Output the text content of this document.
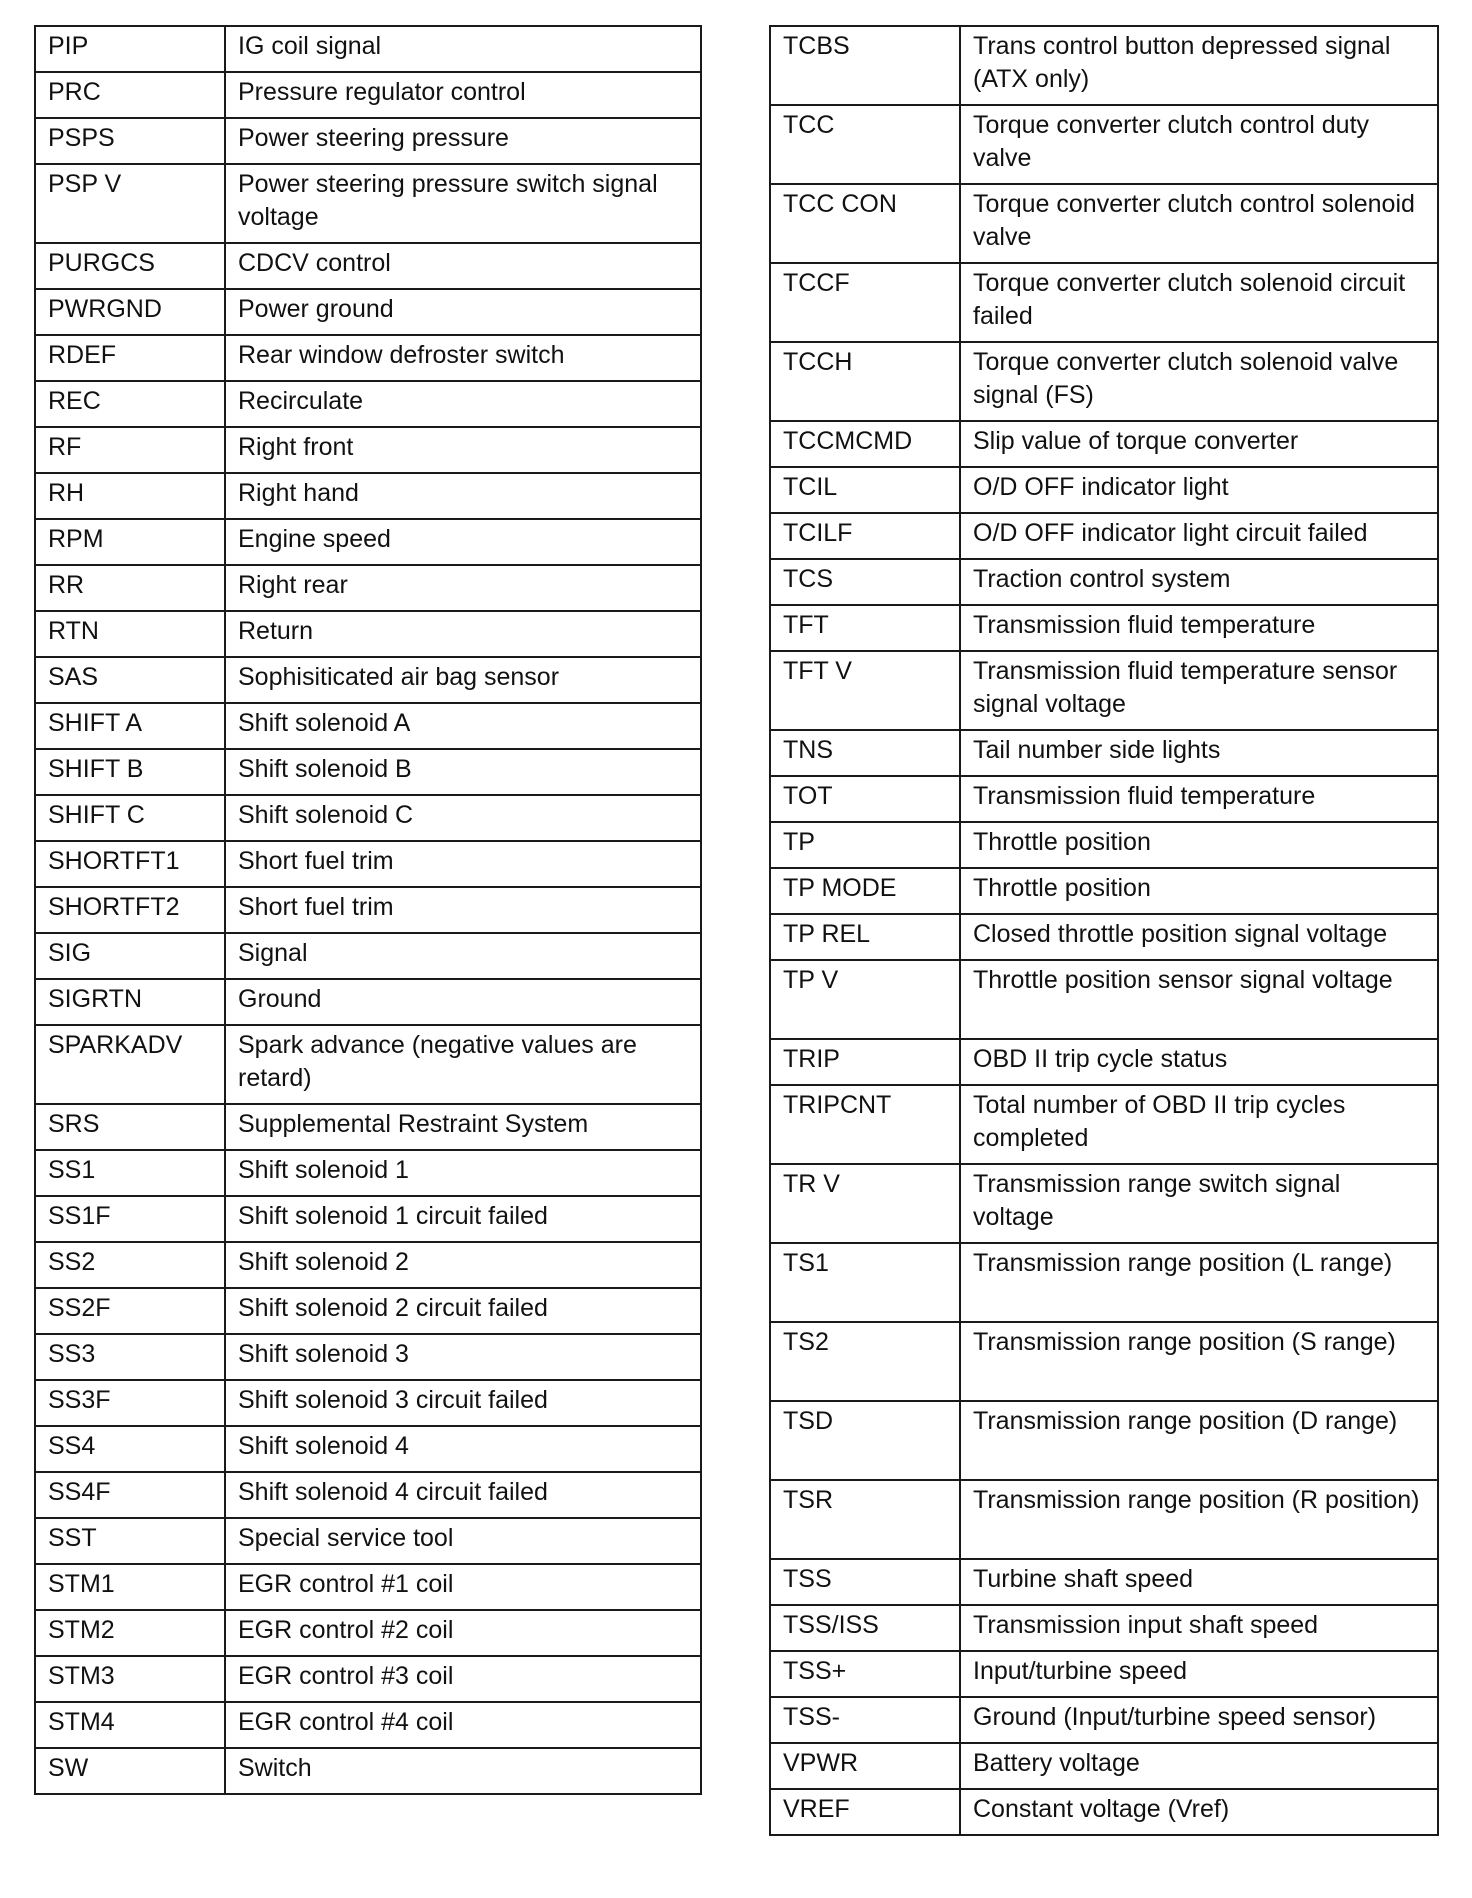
PIP	IG coil signal
PRC	Pressure regulator control
PSPS	Power steering pressure
PSP V	Power steering pressure switch signal voltage
PURGCS	CDCV control
PWRGND	Power ground
RDEF	Rear window defroster switch
REC	Recirculate
RF	Right front
RH	Right hand
RPM	Engine speed
RR	Right rear
RTN	Return
SAS	Sophisiticated air bag sensor
SHIFT A	Shift solenoid A
SHIFT B	Shift solenoid B
SHIFT C	Shift solenoid C
SHORTFT1	Short fuel trim
SHORTFT2	Short fuel trim
SIG	Signal
SIGRTN	Ground
SPARKADV	Spark advance (negative values are retard)
SRS	Supplemental Restraint System
SS1	Shift solenoid 1
SS1F	Shift solenoid 1 circuit failed
SS2	Shift solenoid 2
SS2F	Shift solenoid 2 circuit failed
SS3	Shift solenoid 3
SS3F	Shift solenoid 3 circuit failed
SS4	Shift solenoid 4
SS4F	Shift solenoid 4 circuit failed
SST	Special service tool
STM1	EGR control #1 coil
STM2	EGR control #2 coil
STM3	EGR control #3 coil
STM4	EGR control #4 coil
SW	Switch
TCBS	Trans control button depressed signal (ATX only)
TCC	Torque converter clutch control duty valve
TCC CON	Torque converter clutch control solenoid valve
TCCF	Torque converter clutch solenoid circuit failed
TCCH	Torque converter clutch solenoid valve signal (FS)
TCCMCMD	Slip value of torque converter
TCIL	O/D OFF indicator light
TCILF	O/D OFF indicator light circuit failed
TCS	Traction control system
TFT	Transmission fluid temperature
TFT V	Transmission fluid temperature sensor signal voltage
TNS	Tail number side lights
TOT	Transmission fluid temperature
TP	Throttle position
TP MODE	Throttle position
TP REL	Closed throttle position signal voltage
TP V	Throttle position sensor signal voltage
TRIP	OBD II trip cycle status
TRIPCNT	Total number of OBD II trip cycles completed
TR V	Transmission range switch signal voltage
TS1	Transmission range position (L range)
TS2	Transmission range position (S range)
TSD	Transmission range position (D range)
TSR	Transmission range position (R position)
TSS	Turbine shaft speed
TSS/ISS	Transmission input shaft speed
TSS+	Input/turbine speed
TSS-	Ground (Input/turbine speed sensor)
VPWR	Battery voltage
VREF	Constant voltage (Vref)
